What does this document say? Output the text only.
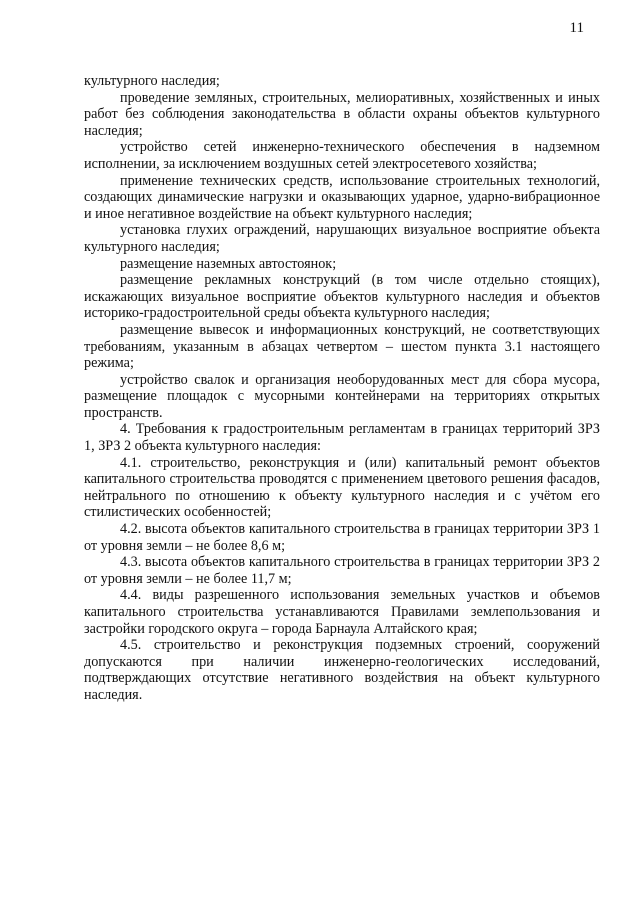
11

культурного наследия;

проведение земляных, строительных, мелиоративных, хозяйственных и иных работ без соблюдения законодательства в области охраны объектов культурного наследия;

устройство сетей инженерно-технического обеспечения в надземном исполнении, за исключением воздушных сетей электросетевого хозяйства;

применение технических средств, использование строительных технологий, создающих динамические нагрузки и оказывающих ударное, ударно-вибрационное и иное негативное воздействие на объект культурного наследия;

установка глухих ограждений, нарушающих визуальное восприятие объекта культурного наследия;

размещение наземных автостоянок;

размещение рекламных конструкций (в том числе отдельно стоящих), искажающих визуальное восприятие объектов культурного наследия и объектов историко-градостроительной среды объекта культурного наследия;

размещение вывесок и информационных конструкций, не соответствующих требованиям, указанным в абзацах четвертом – шестом пункта 3.1 настоящего режима;

устройство свалок и организация необорудованных мест для сбора мусора, размещение площадок с мусорными контейнерами на территориях открытых пространств.

4. Требования к градостроительным регламентам в границах территорий ЗРЗ 1, ЗРЗ 2 объекта культурного наследия:

4.1. строительство, реконструкция и (или) капитальный ремонт объектов капитального строительства проводятся с применением цветового решения фасадов, нейтрального по отношению к объекту культурного наследия и с учётом его стилистических особенностей;

4.2. высота объектов капитального строительства в границах территории ЗРЗ 1 от уровня земли – не более 8,6 м;

4.3. высота объектов капитального строительства в границах территории ЗРЗ 2 от уровня земли – не более 11,7 м;

4.4. виды разрешенного использования земельных участков и объемов капитального строительства устанавливаются Правилами землепользования и застройки городского округа – города Барнаула Алтайского края;

4.5. строительство и реконструкция подземных строений, сооружений допускаются при наличии инженерно-геологических исследований, подтверждающих отсутствие негативного воздействия на объект культурного наследия.
